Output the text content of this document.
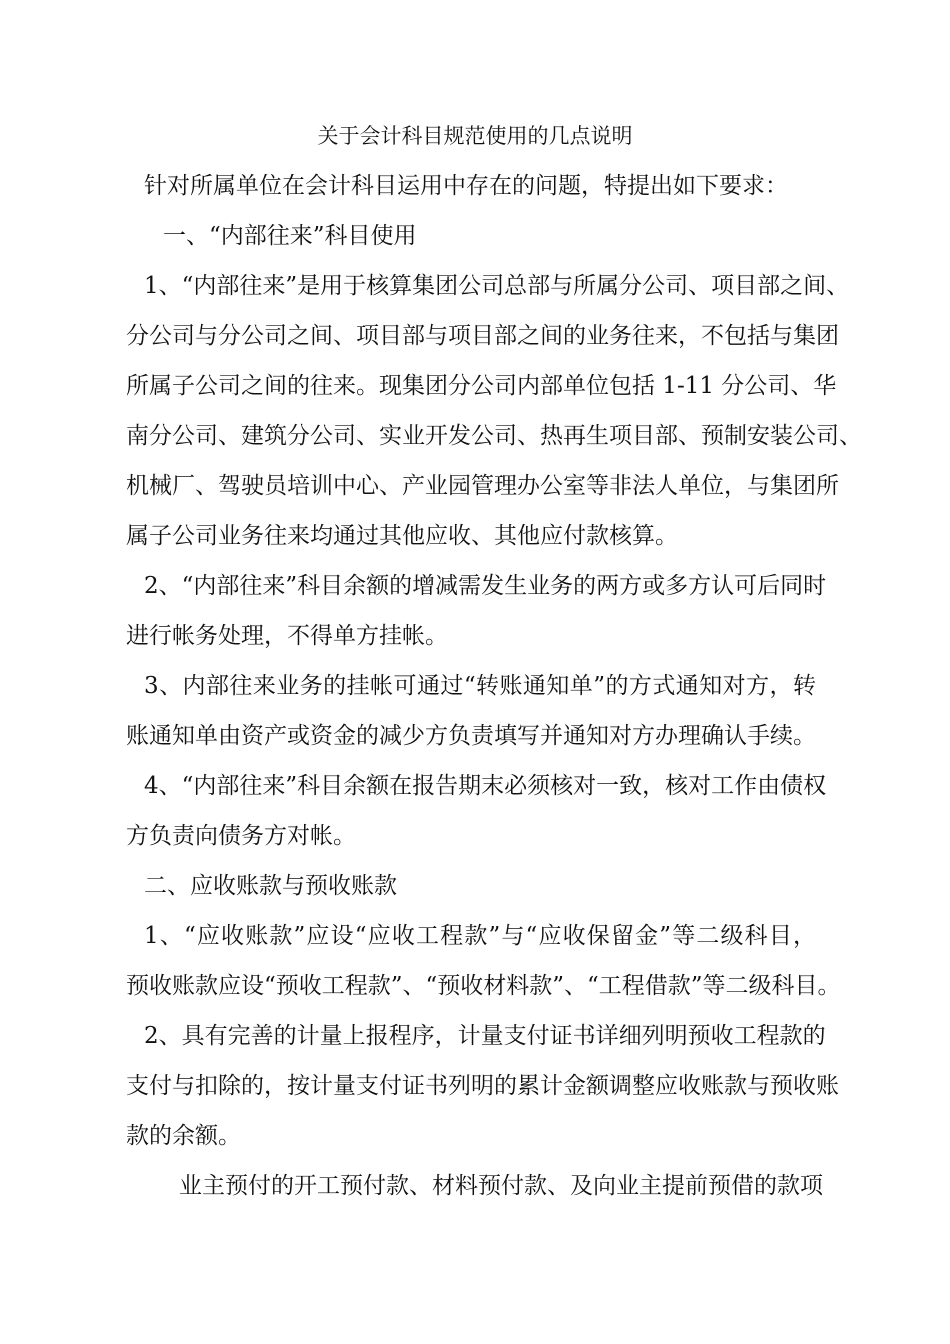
关于会计科目规范使用的几点说明
针对所属单位在会计科目运用中存在的问题，特提出如下要求：
一、“内部往来”科目使用
1、“内部往来”是用于核算集团公司总部与所属分公司、项目部之间、
分公司与分公司之间、项目部与项目部之间的业务往来，不包括与集团
所属子公司之间的往来。现集团分公司内部单位包括 1-11 分公司、华
南分公司、建筑分公司、实业开发公司、热再生项目部、预制安装公司、
机械厂、驾驶员培训中心、产业园管理办公室等非法人单位，与集团所
属子公司业务往来均通过其他应收、其他应付款核算。
2、“内部往来”科目余额的增减需发生业务的两方或多方认可后同时
进行帐务处理，不得单方挂帐。
3、内部往来业务的挂帐可通过“转账通知单”的方式通知对方，转
账通知单由资产或资金的减少方负责填写并通知对方办理确认手续。
4、“内部往来”科目余额在报告期末必须核对一致，核对工作由债权
方负责向债务方对帐。
二、应收账款与预收账款
1、“应收账款”应设“应收工程款”与“应收保留金”等二级科目，
预收账款应设“预收工程款”、“预收材料款”、“工程借款”等二级科目。
2、具有完善的计量上报程序，计量支付证书详细列明预收工程款的
支付与扣除的，按计量支付证书列明的累计金额调整应收账款与预收账
款的余额。
业主预付的开工预付款、材料预付款、及向业主提前预借的款项
